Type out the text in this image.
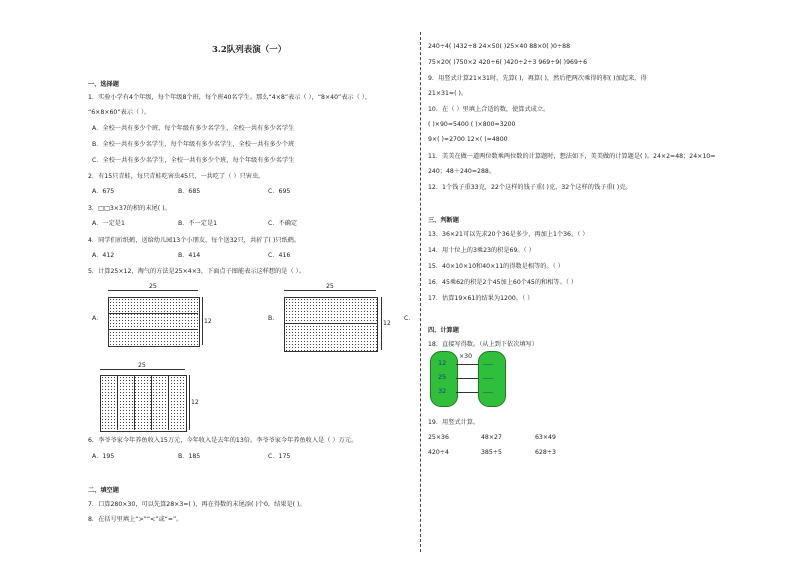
3.2队列表演（一）
一、选择题
1．实验小学有4个年级，每个年级8个班，每个班40名学生。那么“4×8”表示（ ），“8×40”表示（ ），
“6×8×60”表示（ ）。
A．全校一共有多少个班，每个年级有多少名学生，全校一共有多少名学生
B．全校一共有多少名学生，每个年级有多少名学生，全校一共有多少个班
C．全校一共有多少名学生，全校一共有多少个班，每个年级有多少名学生
2．有15只青蛙，每只青蛙吃害虫45只，一共吃了（ ）只害虫。
A．675	B．685	C．695
3．□□3×37的积的末尾( )。
A．一定是1	B．不一定是1	C．不确定
4．同学们折纸鹤，送给幼儿园13个小朋友，每个送32只，共折了( )只纸鹤。
A．412	B．414	C．416
5．计算25×12，淘气的方法是25×4×3，下面点子图能表示这样想的是（ ）。
A．
25
12	B．
25
12
C．
25
12
6．李爷爷家今年养鱼收入15万元，今年收入是去年的13倍。李爷爷家今年养鱼收入是（ ）万元。
A．195	B．185	C．175
二、填空题
7．口算280×30，可以先算28×3=( )，再在得数的末尾添( )个0，结果是( )。
8．在括号里填上“>”“<”或“=”。
240÷4( )432÷8 24×50( )25×40 88×0( )0÷88
75×20( )750×2 420÷6( )420÷2÷3 969÷9( )969÷6
9．用竖式计算21×31时，先算( )，再算( )，然后把两次乘得的积( )加起来，得
21×31=( )。
10．在（ ）里填上合适的数，使算式成立。
( )×90=5400 ( )×800=3200
9×( )=2700 12×( )=4800
11．美美在做一道两位数乘两位数的计算题时，想法如下，美美做的计算题是( )。24×2=48；24×10=
240；48＋240=288。
12．1个钱子重33克，22个这样的钱子重( )克，32个这样的钱子重( )克。
三、判断题
13．36×21可以先求20个36是多少，再加上1个36。（ ）
14．用十位上的3乘23的积是69。（ ）
15．40×10×10和40×11的得数是相等的。（ ）
16．45乘62的积是2个45加上60个45的和相等。（ ）
17．估算19×61的结果为1200。（ ）
四、计算题
18．直接写得数。（从上到下依次填写）
×30
12
25
32
___
___
___
19．用竖式计算。
25×36	48×27	63×49
420÷4	385÷5	628÷3
